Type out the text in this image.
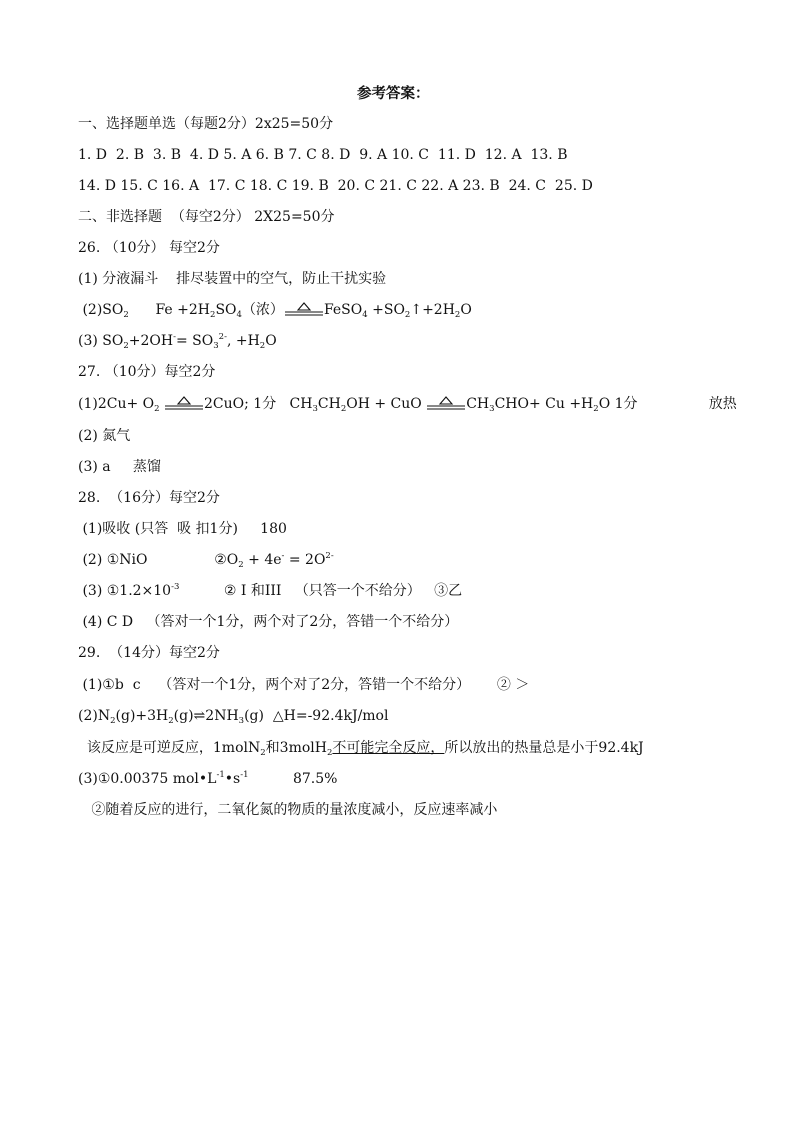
参考答案：
一、选择题单选（每题2分）2x25=50分
1. D  2. B  3. B  4. D 5. A 6. B 7. C 8. D  9. A 10. C  11. D  12. A  13. B
14. D 15. C 16. A  17. C 18. C 19. B  20. C 21. C 22. A 23. B  24. C  25. D
二、非选择题  （每空2分） 2X25=50分
26. （10分） 每空2分
(1) 分液漏斗    排尽装置中的空气，防止干扰实验
$(2)SO_2$      $Fe +2H_2SO_4$（浓）	FeSO$_4$ $+SO_2↑+2H_2O$
(3) $SO_2+2OH^-= SO_3^{2-}$, $+H_2O$
27. （10分）每空2分
$(1)2Cu+ O_2$	2CuO; 1分   $CH_3CH_2OH$ + CuO	$CH_3CHO+ Cu +H_2O$ 1分                放热
(2) 氮气
(3) a     蒸馏
28.  （16分）每空2分
(1)吸收 (只答  吸 扣1分)     180
(2) ①NiO               $②O_2 + 4e^- = 2O^{2-}$
(3) $①1.2\times 10^{-3}$          ② I 和III   （只答一个不给分）   ③乙
(4) C D   （答对一个1分，两个对了2分，答错一个不给分）
29.  （14分）每空2分
(1)①b  c    （答对一个1分，两个对了2分，答错一个不给分）      ② ＞
$(2)N_2(g)+3H_2(g)\rightleftharpoons 2NH_3(g)$  △H=-92.4kJ/mol
该反应是可逆反应，1molN$_2$和3molH$_2$不可能完全反应，所以放出的热量总是小于92.4kJ
(3)①0.00375 $mol•L^{-1}•s^{-1}$          87.5%
②随着反应的进行，二氧化氮的物质的量浓度减小，反应速率减小
